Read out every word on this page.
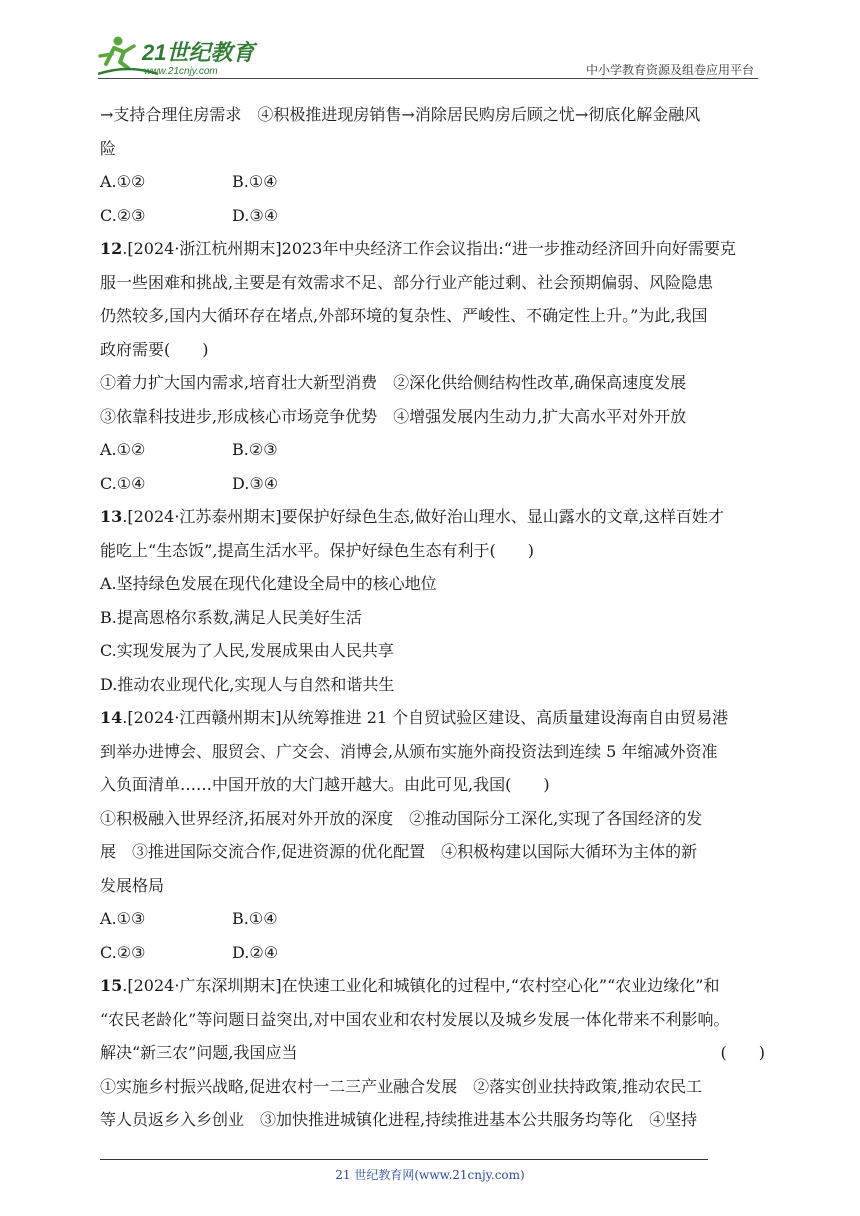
21世纪教育
www.21cnjy.com	中小学教育资源及组卷应用平台
→支持合理住房需求　④积极推进现房销售→消除居民购房后顾之忧→彻底化解金融风
险
A.①②	B.①④
C.②③	D.③④
12.[2024·浙江杭州期末]2023年中央经济工作会议指出:“进一步推动经济回升向好需要克
服一些困难和挑战,主要是有效需求不足、部分行业产能过剩、社会预期偏弱、风险隐患
仍然较多,国内大循环存在堵点,外部环境的复杂性、严峻性、不确定性上升。”为此,我国
政府需要(　　)
①着力扩大国内需求,培育壮大新型消费　②深化供给侧结构性改革,确保高速度发展
③依靠科技进步,形成核心市场竞争优势　④增强发展内生动力,扩大高水平对外开放
A.①②	B.②③
C.①④	D.③④
13.[2024·江苏泰州期末]要保护好绿色生态,做好治山理水、显山露水的文章,这样百姓才
能吃上“生态饭”,提高生活水平。保护好绿色生态有利于(　　)
A.坚持绿色发展在现代化建设全局中的核心地位
B.提高恩格尔系数,满足人民美好生活
C.实现发展为了人民,发展成果由人民共享
D.推动农业现代化,实现人与自然和谐共生
14.[2024·江西赣州期末]从统筹推进 21 个自贸试验区建设、高质量建设海南自由贸易港
到举办进博会、服贸会、广交会、消博会,从颁布实施外商投资法到连续 5 年缩减外资准
入负面清单……中国开放的大门越开越大。由此可见,我国(　　)
①积极融入世界经济,拓展对外开放的深度　②推动国际分工深化,实现了各国经济的发
展　③推进国际交流合作,促进资源的优化配置　④积极构建以国际大循环为主体的新
发展格局
A.①③	B.①④
C.②③	D.②④
15.[2024·广东深圳期末]在快速工业化和城镇化的过程中,“农村空心化”“农业边缘化”和
“农民老龄化”等问题日益突出,对中国农业和农村发展以及城乡发展一体化带来不利影响。
解决“新三农”问题,我国应当	(　　)
①实施乡村振兴战略,促进农村一二三产业融合发展　②落实创业扶持政策,推动农民工
等人员返乡入乡创业　③加快推进城镇化进程,持续推进基本公共服务均等化　④坚持
21 世纪教育网(www.21cnjy.com)
